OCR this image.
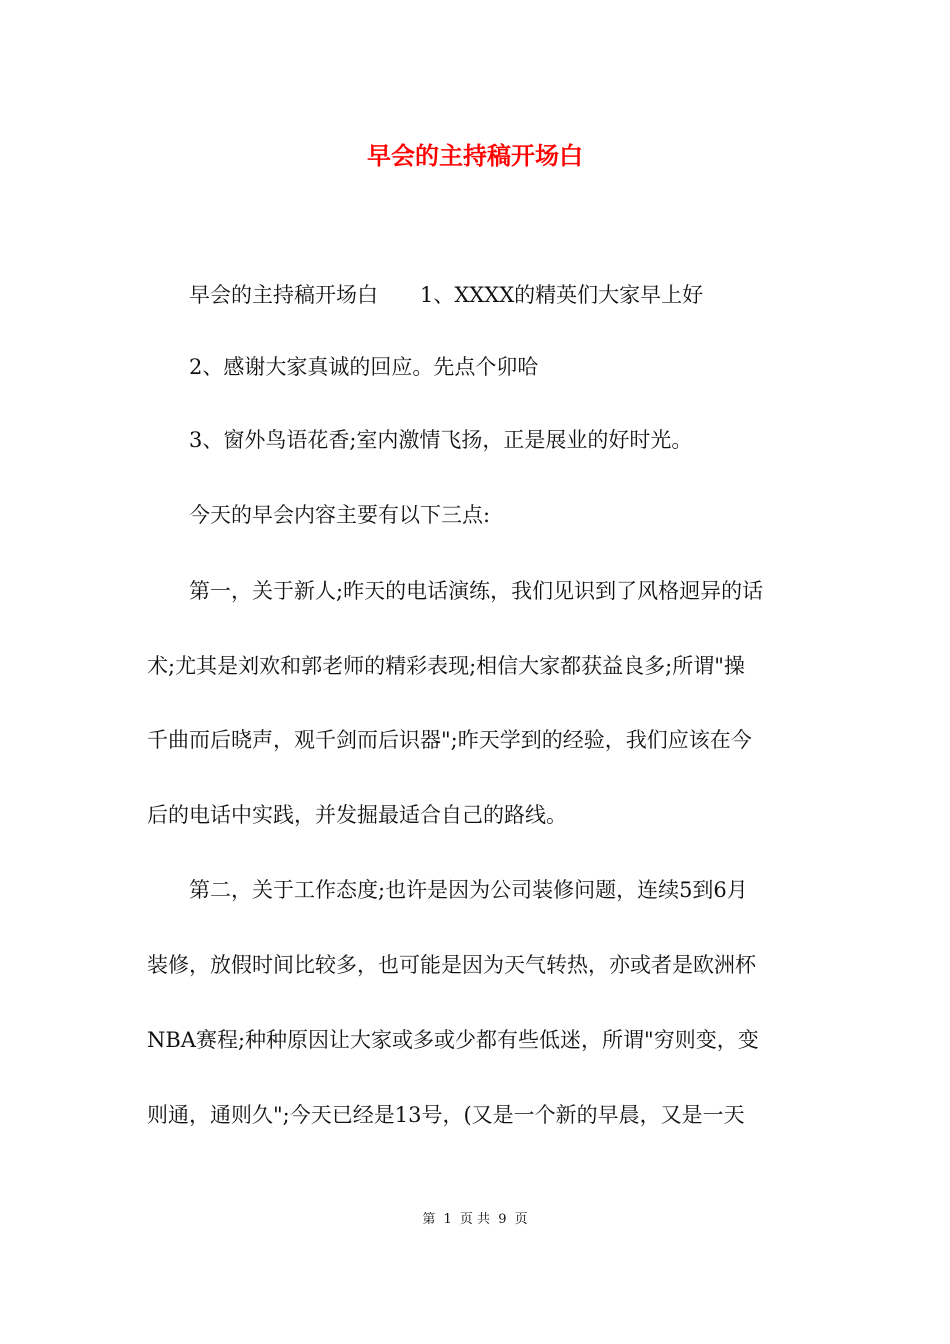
早会的主持稿开场白

早会的主持稿开场白　　1、XXXX的精英们大家早上好

2、感谢大家真诚的回应。先点个卯哈

3、窗外鸟语花香;室内激情飞扬，正是展业的好时光。

今天的早会内容主要有以下三点:

第一，关于新人;昨天的电话演练，我们见识到了风格迥异的话

术;尤其是刘欢和郭老师的精彩表现;相信大家都获益良多;所谓"操

千曲而后晓声，观千剑而后识器";昨天学到的经验，我们应该在今

后的电话中实践，并发掘最适合自己的路线。

第二，关于工作态度;也许是因为公司装修问题，连续5到6月

装修，放假时间比较多，也可能是因为天气转热，亦或者是欧洲杯

NBA赛程;种种原因让大家或多或少都有些低迷，所谓"穷则变，变

则通，通则久";今天已经是13号，(又是一个新的早晨，又是一天

第 1 页 共 9 页
